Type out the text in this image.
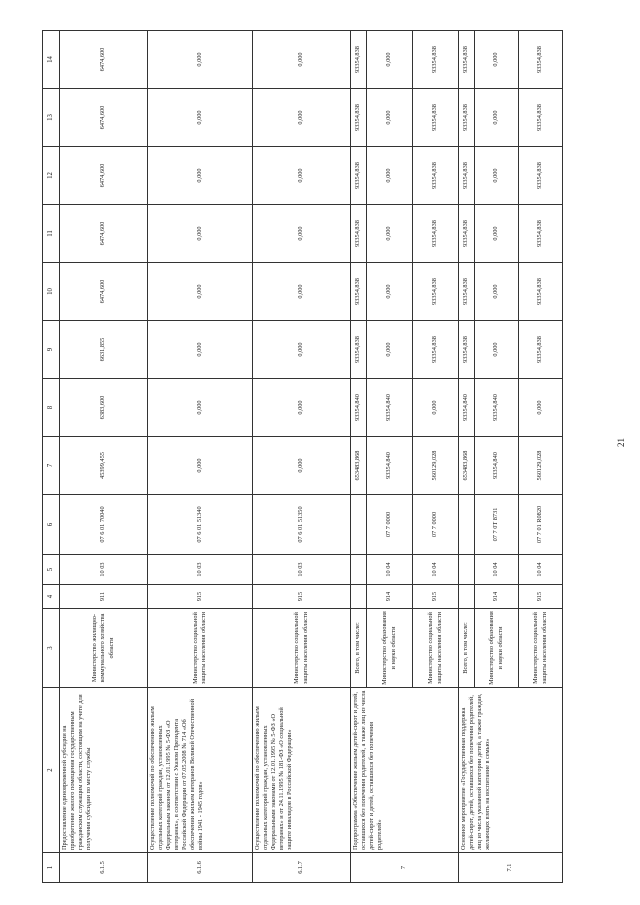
21
1	2	3	4	5	6	7	8	9	10	11	12	13	14
6.1.5	Предоставление единовременной субсидии на приобретение жилого помещения государственным гражданским служащим области, состоящим на учете для получения субсидии по месту службы	Министерство жилищно-коммунального хозяйства области	911	10 03	07 6 01 70040	45399,455	6383,600	6631,855	6474,600	6474,600	6474,600	6474,600	6474,600
6.1.6	Осуществление полномочий по обеспечению жильем отдельных категорий граждан, установленных Федеральным законом от 12.01.1995 № 5-ФЗ «О ветеранах», в соответствии с Указом Президента Российской Федерации от 07.05.2008 № 714 «Об обеспечении жильем ветеранов Великой Отечественной войны 1941 - 1945 годов»	Министерство социальной защиты населения области	915	10 03	07 6 01 51340	0,000	0,000	0,000	0,000	0,000	0,000	0,000	0,000
6.1.7	Осуществление полномочий по обеспечению жильем отдельных категорий граждан, установленных Федеральными законами от 12.01.1995 № 5-ФЗ «О ветеранах» и от 24.11.1995 № 181-ФЗ «О социальной защите инвалидов в Российской Федерации»	Министерство социальной защиты населения области	915	10 03	07 6 01 51350	0,000	0,000	0,000	0,000	0,000	0,000	0,000	0,000
7	Подпрограмма «Обеспечение жильем детей-сирот и детей, оставшихся без попечения родителей, а также лиц из числа детей-сирот и детей, оставшихся без попечения родителей»	Всего, в том числе:				653483,868	93354,840	93354,838	93354,838	93354,838	93354,838	93354,838	93354,838
		Министерство образования и науки области	914	10 04	07 7 0000	93354,840	93354,840	0,000	0,000	0,000	0,000	0,000	0,000
		Министерство социальной защиты населения области	915	10 04	07 7 0000	560129,028	0,000	93354,838	93354,838	93354,838	93354,838	93354,838	93354,838
7.1	Основное мероприятие «Государственная поддержка детей-сирот, детей, оставшихся без попечения родителей, лиц из числа указанной категории детей, а также граждан, желающих взять на воспитание в семью»	Всего, в том числе:				653483,868	93354,840	93354,838	93354,838	93354,838	93354,838	93354,838	93354,838
		Министерство образования и науки области	914	10 04	07 7 0Т 8731	93354,840	93354,840	0,000	0,000	0,000	0,000	0,000	0,000
		Министерство социальной защиты населения области	915	10 04	07 7 01 R0820	560129,028	0,000	93354,838	93354,838	93354,838	93354,838	93354,838	93354,838
